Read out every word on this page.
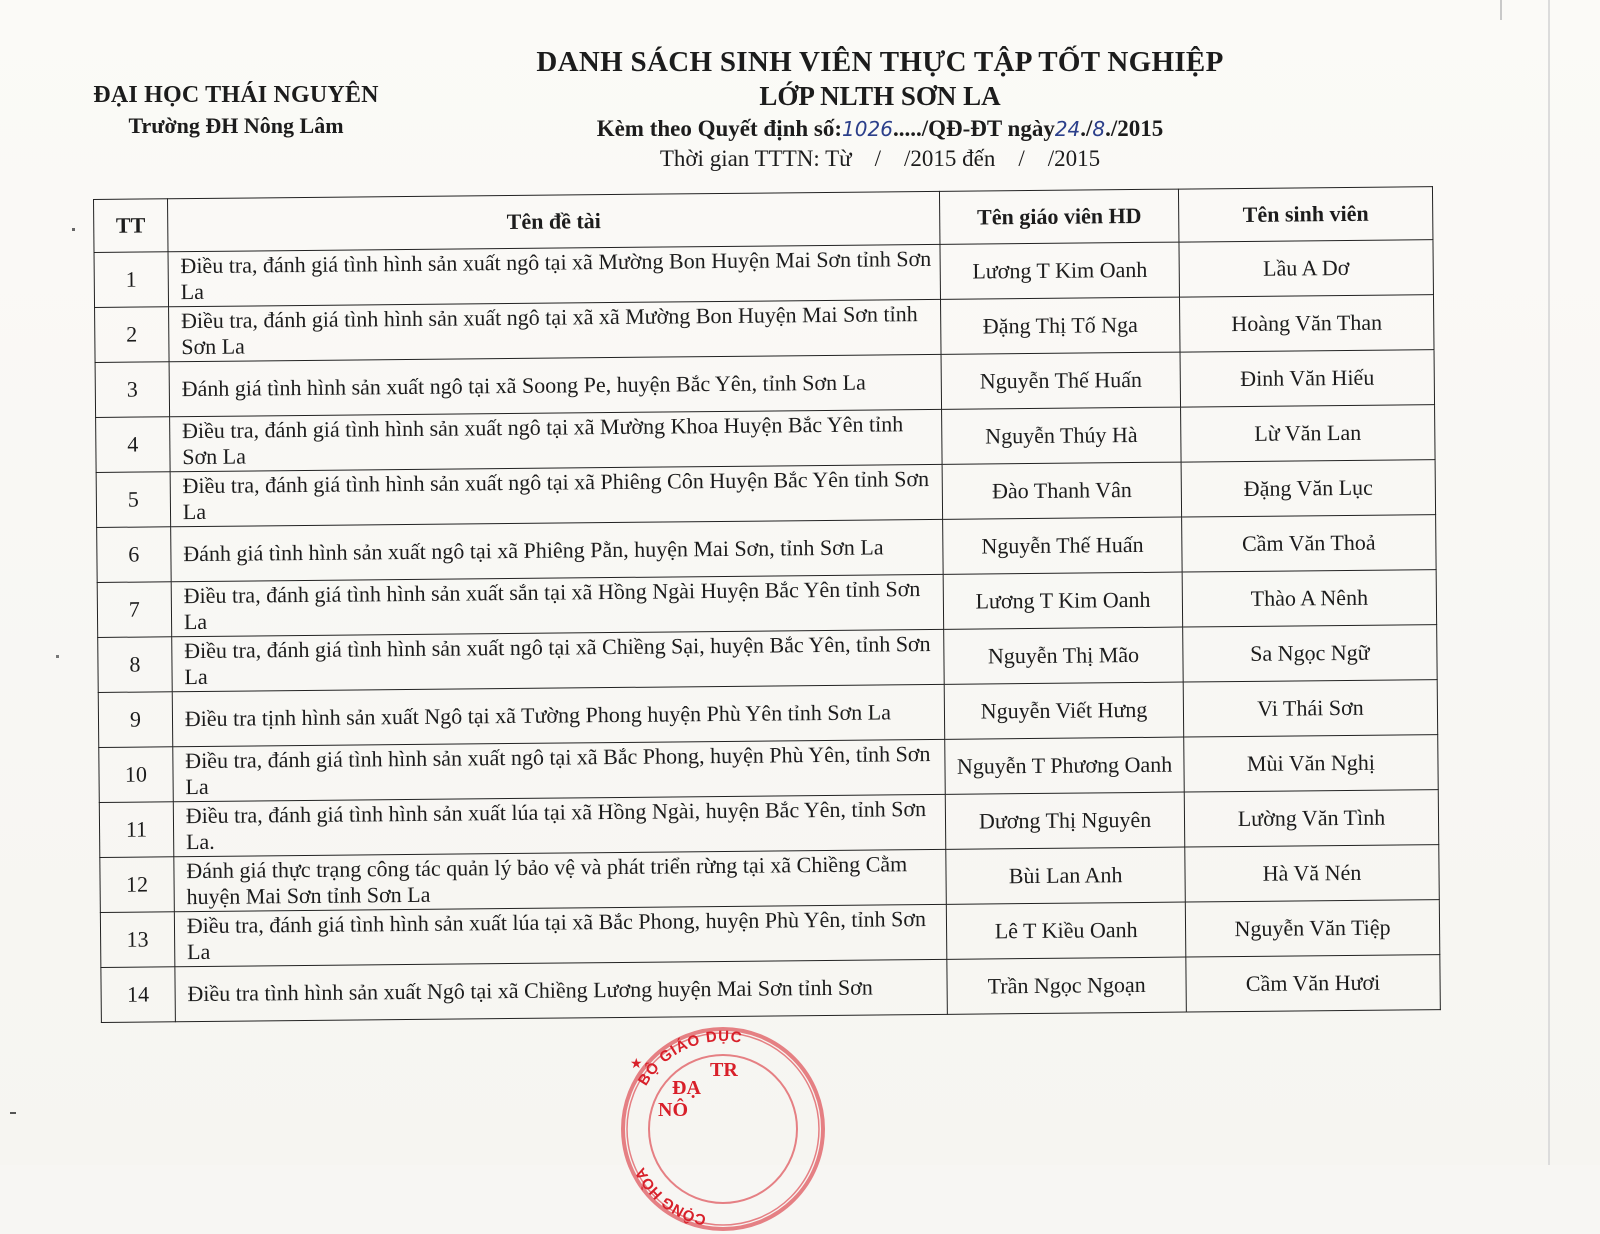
ĐẠI HỌC THÁI NGUYÊN
Trường ĐH Nông Lâm
DANH SÁCH SINH VIÊN THỰC TẬP TỐT NGHIỆP
LỚP NLTH SƠN LA
Kèm theo Quyết định số:1026...../QĐ-ĐT ngày24./8./2015
Thời gian TTTN: Từ    /    /2015 đến    /    /2015
TT	Tên đề tài	Tên giáo viên HD	Tên sinh viên
1	Điều tra, đánh giá tình hình sản xuất ngô tại xã Mường Bon Huyện Mai Sơn tỉnh Sơn La	Lương T Kim Oanh	Lầu A Dơ
2	Điều tra, đánh giá tình hình sản xuất ngô tại xã xã Mường Bon Huyện Mai Sơn tỉnh Sơn La	Đặng Thị Tố Nga	Hoàng Văn Than
3	Đánh giá tình hình sản xuất ngô tại xã Soong Pe, huyện Bắc Yên, tỉnh Sơn La	Nguyễn Thế Huấn	Đinh Văn Hiếu
4	Điều tra, đánh giá tình hình sản xuất ngô tại xã Mường Khoa Huyện Bắc Yên tỉnh Sơn La	Nguyễn Thúy Hà	Lừ Văn Lan
5	Điều tra, đánh giá tình hình sản xuất ngô tại xã Phiêng Côn Huyện Bắc Yên tỉnh Sơn La	Đào Thanh Vân	Đặng Văn Lục
6	Đánh giá tình hình sản xuất ngô tại xã Phiêng Pằn, huyện Mai Sơn, tỉnh Sơn La	Nguyễn Thế Huấn	Cầm Văn Thoả
7	Điều tra, đánh giá tình hình sản xuất sắn tại xã Hồng Ngài Huyện Bắc Yên tỉnh Sơn La	Lương T Kim Oanh	Thào A Nênh
8	Điều tra, đánh giá tình hình sản xuất ngô tại xã Chiềng Sại, huyện Bắc Yên, tỉnh Sơn La	Nguyễn Thị Mão	Sa Ngọc Ngữ
9	Điều tra tịnh hình sản xuất Ngô tại xã Tường Phong huyện Phù Yên tỉnh Sơn La	Nguyễn Viết Hưng	Vi Thái Sơn
10	Điều tra, đánh giá tình hình sản xuất ngô tại xã Bắc Phong, huyện Phù Yên, tỉnh Sơn La	Nguyễn T Phương Oanh	Mùi Văn Nghị
11	Điều tra, đánh giá tình hình sản xuất lúa tại xã Hồng Ngài, huyện Bắc Yên, tỉnh Sơn La.	Dương Thị Nguyên	Lường Văn Tình
12	Đánh giá thực trạng công tác quản lý bảo vệ và phát triển rừng tại xã Chiềng Cằm huyện Mai Sơn tỉnh Sơn La	Bùi Lan Anh	Hà Vă Nén
13	Điều tra, đánh giá tình hình sản xuất lúa tại xã Bắc Phong, huyện Phù Yên, tỉnh Sơn La	Lê T Kiều Oanh	Nguyễn Văn Tiệp
14	Điều tra tình hình sản xuất Ngô tại xã Chiềng Lương huyện Mai Sơn tỉnh Sơn	Trần Ngọc Ngoạn	Cầm Văn Hươi
BỘ GIÁO DỤC
CỘNG HÒA
TR
ĐẠ
NÔ
★
